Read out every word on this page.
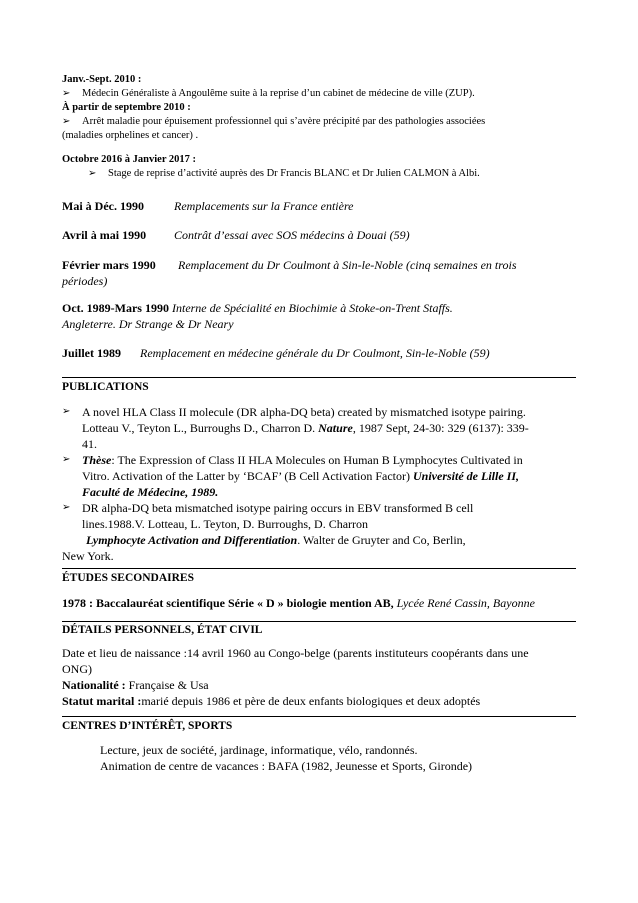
Janv.-Sept. 2010 :
➢ Médecin Généraliste à Angoulême suite à la reprise d’un cabinet de médecine de ville (ZUP).
À partir de septembre 2010 :
➢ Arrêt maladie pour épuisement professionnel qui s’avère précipité par des pathologies associées
(maladies orphelines et cancer) .
Octobre 2016 à Janvier 2017 :
➢ Stage de reprise d’activité auprès des Dr Francis BLANC et Dr Julien CALMON à Albi.
Mai à Déc. 1990	Remplacements sur la France entière
Avril à mai 1990 Contrât d’essai avec SOS médecins à Douai (59)
Février mars 1990 Remplacement du Dr Coulmont à Sin-le-Noble (cinq semaines en trois
périodes)
Oct. 1989-Mars 1990 Interne de Spécialité en Biochimie à Stoke-on-Trent Staffs.
Angleterre. Dr Strange & Dr Neary
Juillet 1989 Remplacement en médecine générale du Dr Coulmont, Sin-le-Noble (59)
PUBLICATIONS
➢ A novel HLA Class II molecule (DR alpha-DQ beta) created by mismatched isotype pairing.
Lotteau V., Teyton L., Burroughs D., Charron D. Nature, 1987 Sept, 24-30: 329 (6137): 339-
41.
➢ Thèse: The Expression of Class II HLA Molecules on Human B Lymphocytes Cultivated in
Vitro. Activation of the Latter by ‘BCAF’ (B Cell Activation Factor) Université de Lille II,
Faculté de Médecine, 1989.
➢ DR alpha-DQ beta mismatched isotype pairing occurs in EBV transformed B cell
lines.1988.V. Lotteau, L. Teyton, D. Burroughs, D. Charron
Lymphocyte Activation and Differentiation. Walter de Gruyter and Co, Berlin,
New York.
ÉTUDES SECONDAIRES
1978 : Baccalauréat scientifique Série « D » biologie mention AB, Lycée René Cassin, Bayonne
DÉTAILS PERSONNELS, ÉTAT CIVIL
Date et lieu de naissance :14 avril 1960 au Congo-belge (parents instituteurs coopérants dans une
ONG)
Nationalité : Française & Usa
Statut marital :marié depuis 1986 et père de deux enfants biologiques et deux adoptés
CENTRES D’INTÉRÊT, SPORTS
Lecture, jeux de société, jardinage, informatique, vélo, randonnés.
Animation de centre de vacances : BAFA (1982, Jeunesse et Sports, Gironde)
